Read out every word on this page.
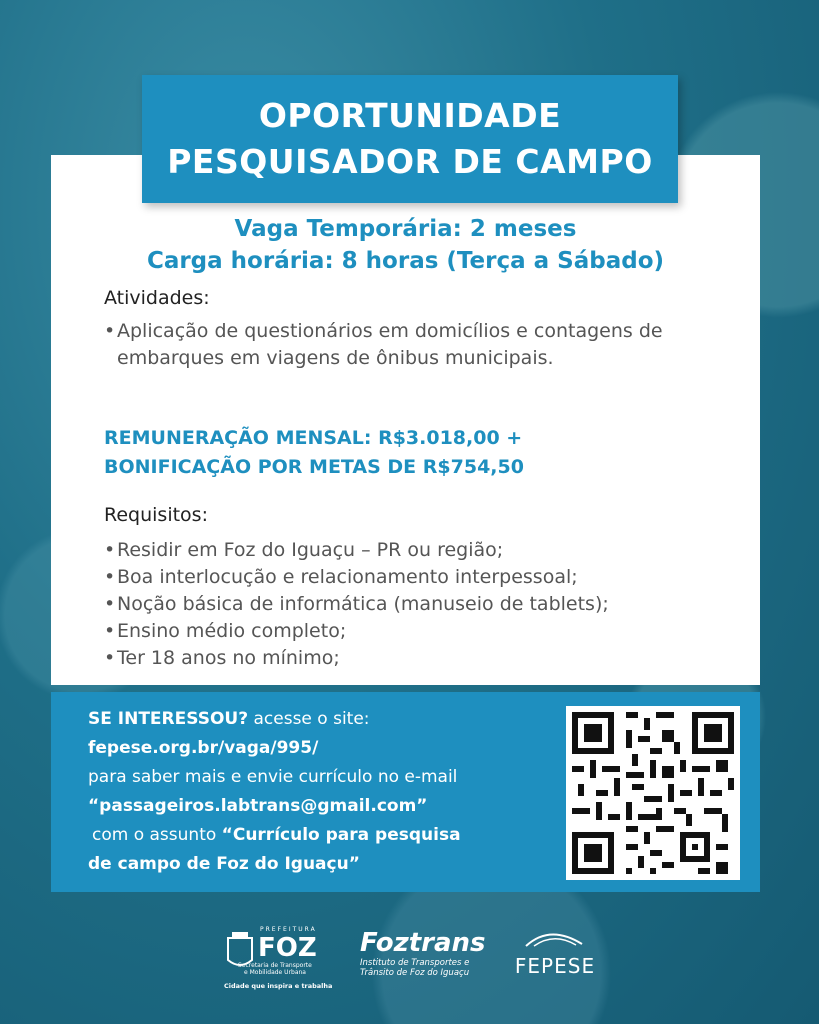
OPORTUNIDADE
PESQUISADOR DE CAMPO
Vaga Temporária: 2 meses
Carga horária: 8 horas (Terça a Sábado)
Atividades:
• Aplicação de questionários em domicílios e contagens de embarques em viagens de ônibus municipais.
REMUNERAÇÃO MENSAL: R$3.018,00 +
BONIFICAÇÃO POR METAS DE R$754,50
Requisitos:
• Residir em Foz do Iguaçu – PR ou região;
• Boa interlocução e relacionamento interpessoal;
• Noção básica de informática (manuseio de tablets);
• Ensino médio completo;
• Ter 18 anos no mínimo;
SE INTERESSOU? acesse o site:
fepese.org.br/vaga/995/
para saber mais e envie currículo no e-mail
“passageiros.labtrans@gmail.com”
com o assunto “Currículo para pesquisa
de campo de Foz do Iguaçu”
PREFEITURA
FOZ
Secretaria de Transporte
e Mobilidade Urbana
Cidade que inspira e trabalha
Foztrans
Instituto de Transportes e
Trânsito de Foz do Iguaçu	FEPESE
